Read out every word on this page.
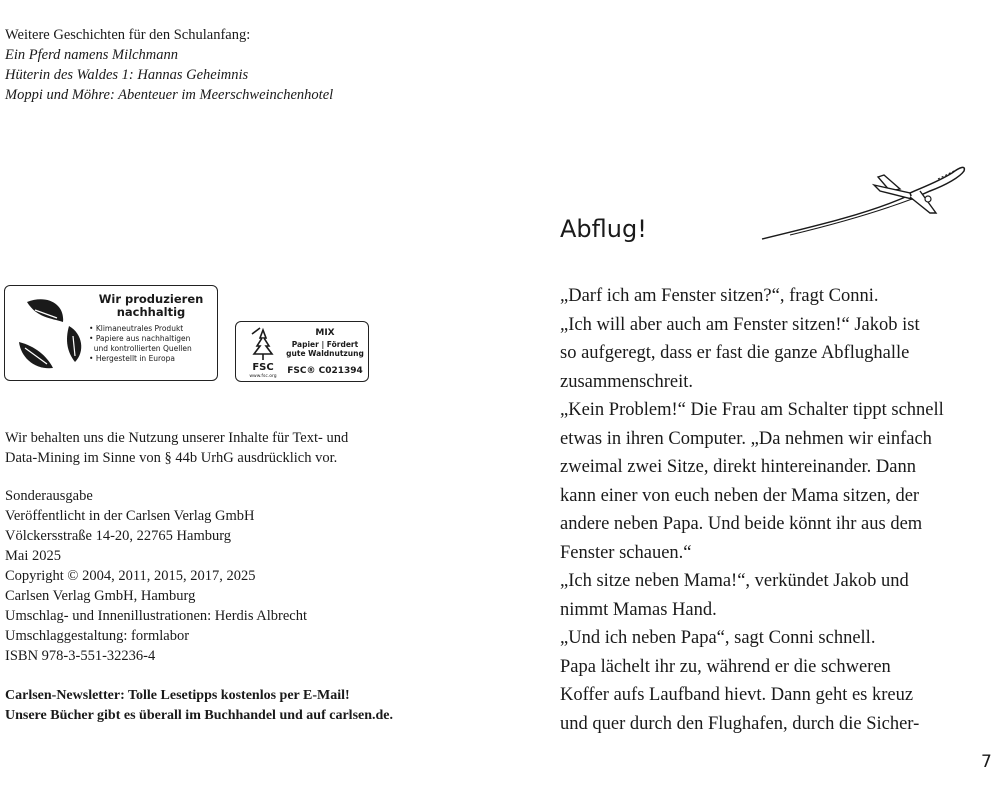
Weitere Geschichten für den Schulanfang:
Ein Pferd namens Milchmann
Hüterin des Waldes 1: Hannas Geheimnis
Moppi und Möhre: Abenteuer im Meerschweinchenhotel
Wir produzieren
nachhaltig
• Klimaneutrales Produkt
• Papiere aus nachhaltigen
und kontrollierten Quellen
• Hergestellt in Europa
FSC
www.fsc.org
MIX
Papier | Fördert
gute Waldnutzung
FSC® C021394
Wir behalten uns die Nutzung unserer Inhalte für Text- und
Data-Mining im Sinne von § 44b UrhG ausdrücklich vor.
Sonderausgabe
Veröffentlicht in der Carlsen Verlag GmbH
Völckersstraße 14-20, 22765 Hamburg
Mai 2025
Copyright © 2004, 2011, 2015, 2017, 2025
Carlsen Verlag GmbH, Hamburg
Umschlag- und Innenillustrationen: Herdis Albrecht
Umschlaggestaltung: formlabor
ISBN 978-3-551-32236-4
Carlsen-Newsletter: Tolle Lesetipps kostenlos per E-Mail!
Unsere Bücher gibt es überall im Buchhandel und auf carlsen.de.
Abflug!
„Darf ich am Fenster sitzen?“, fragt Conni.
„Ich will aber auch am Fenster sitzen!“ Jakob ist
so aufgeregt, dass er fast die ganze Abflughalle
zusammenschreit.
„Kein Problem!“ Die Frau am Schalter tippt schnell
etwas in ihren Computer. „Da nehmen wir einfach
zweimal zwei Sitze, direkt hintereinander. Dann
kann einer von euch neben der Mama sitzen, der
andere neben Papa. Und beide könnt ihr aus dem
Fenster schauen.“
„Ich sitze neben Mama!“, verkündet Jakob und
nimmt Mamas Hand.
„Und ich neben Papa“, sagt Conni schnell.
Papa lächelt ihr zu, während er die schweren
Koffer aufs Laufband hievt. Dann geht es kreuz
und quer durch den Flughafen, durch die Sicher-
7
